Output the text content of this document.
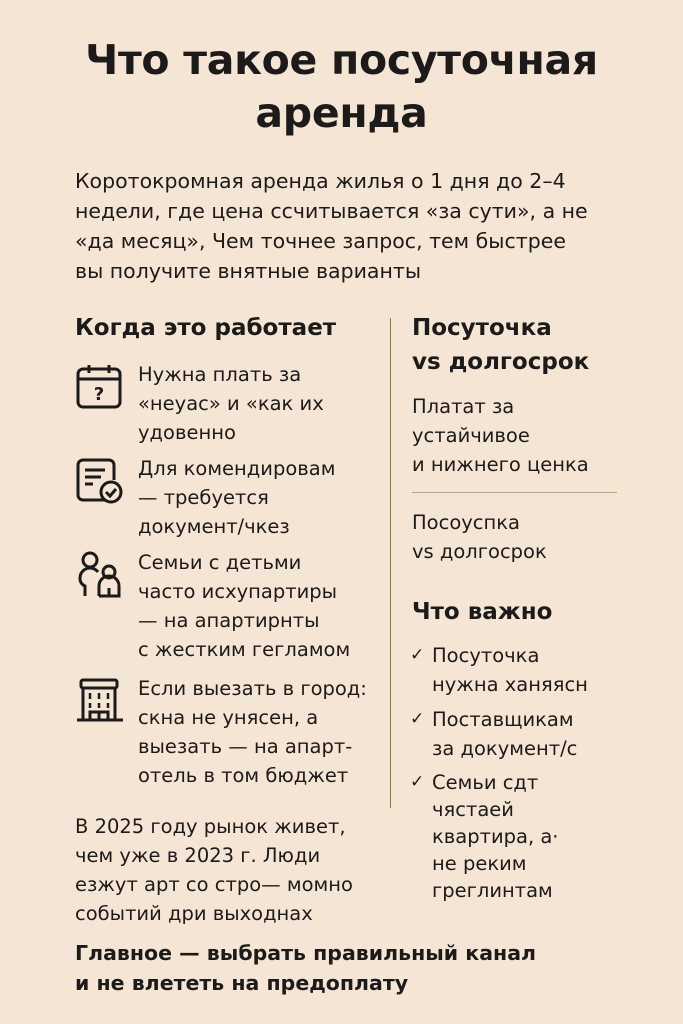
Что такое посуточная
аренда
Коротокромная аренда жилья о 1 дня до 2–4
недели, где цена ссчитывается «за сути», а не
«да месяц», Чем точнее запрос, тем быстрее
вы получите внятные варианты
Когда это работает
?
Нужна плать за
«неуас» и «как их
удовенно
Для комендировам
— требуется
документ/чкез
Семьи с детьми
часто исхупартиры
— на апартирнты
с жестким гегламом
Если выезать в город:
скна не унясен, а
выезать — на апарт-
отель в том бюджет
В 2025 году рынок живет,
чем уже в 2023 г. Люди
езжут арт со стро— момно
событий дри выходнах
Посуточка
vs долгосрок
Платат за
устайчивое
и нижнего ценка
Посоуспка
vs долгосрок
Что важно
✓ Посуточка
нужна ханяясн
✓ Поставщикам
за документ/с
✓ Семьи сдт
чястаей
квартира, а·
не реким
греглинтам
Главное — выбрать правильный канал
и не влететь на предоплату
